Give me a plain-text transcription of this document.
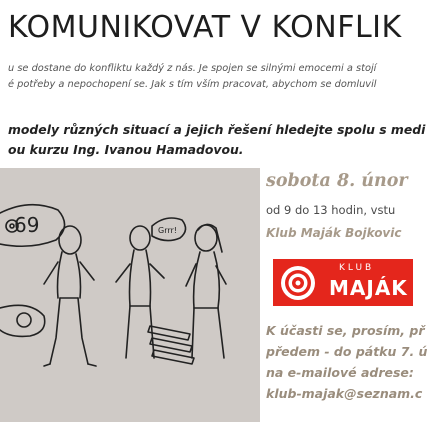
KOMUNIKOVAT V KONFLIK
u se dostane do konfliktu každý z nás. Je spojen se silnými emocemi a stojí
é potřeby a nepochopení se. Jak s tím vším pracovat, abychom se domluvil
modely různých situací a jejich řešení hledejte spolu s medi
ou kurzu Ing. Ivanou Hamadovou.
69	Grrr!
sobota 8. únor
od 9 do 13 hodin, vstu
Klub Maják Bojkovic
KLUB
MAJÁK
K účasti se, prosím, př
předem - do pátku 7. ú
na e-mailové adrese:
klub-majak@seznam.c
